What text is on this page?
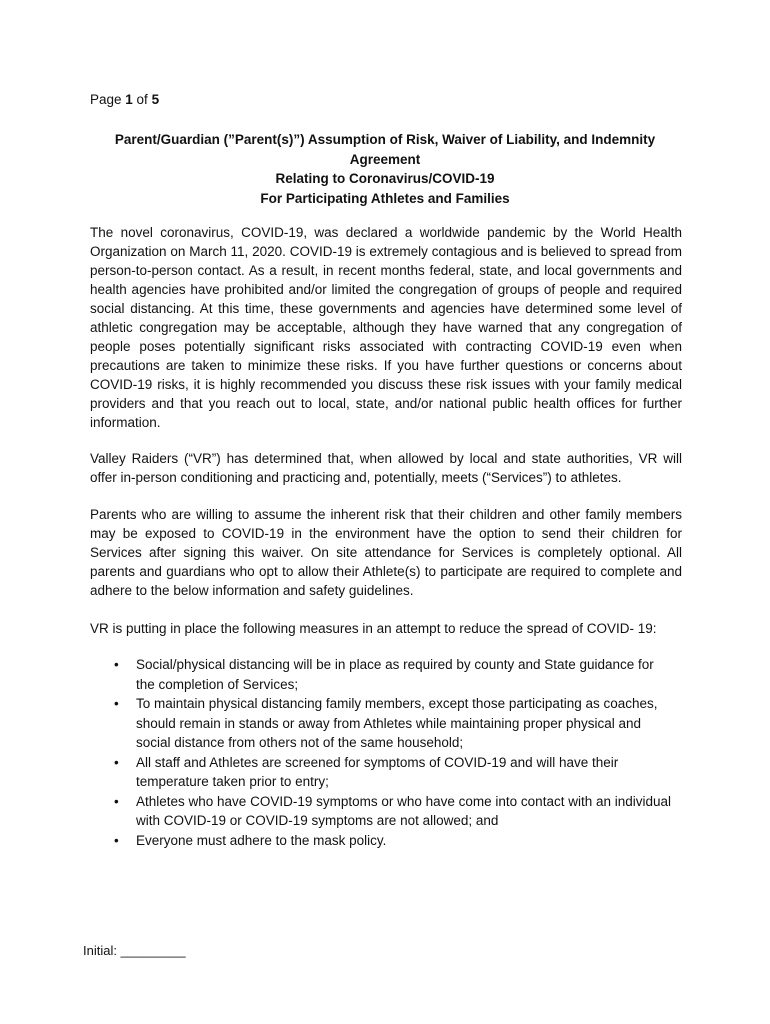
Page 1 of 5
Parent/Guardian (”Parent(s)”) Assumption of Risk, Waiver of Liability, and Indemnity
Agreement
Relating to Coronavirus/COVID-19
For Participating Athletes and Families
The novel coronavirus, COVID-19, was declared a worldwide pandemic by the World Health Organization on March 11, 2020. COVID-19 is extremely contagious and is believed to spread from person-to-person contact. As a result, in recent months federal, state, and local governments and health agencies have prohibited and/or limited the congregation of groups of people and required social distancing. At this time, these governments and agencies have determined some level of athletic congregation may be acceptable, although they have warned that any congregation of people poses potentially significant risks associated with contracting COVID-19 even when precautions are taken to minimize these risks. If you have further questions or concerns about COVID-19 risks, it is highly recommended you discuss these risk issues with your family medical providers and that you reach out to local, state, and/or national public health offices for further information.
Valley Raiders (“VR”) has determined that, when allowed by local and state authorities, VR will offer in-person conditioning and practicing and, potentially, meets (“Services”) to athletes.
Parents who are willing to assume the inherent risk that their children and other family members may be exposed to COVID-19 in the environment have the option to send their children for Services after signing this waiver. On site attendance for Services is completely optional. All parents and guardians who opt to allow their Athlete(s) to participate are required to complete and adhere to the below information and safety guidelines.
VR is putting in place the following measures in an attempt to reduce the spread of COVID- 19:
• Social/physical distancing will be in place as required by county and State guidance for the completion of Services;
• To maintain physical distancing family members, except those participating as coaches, should remain in stands or away from Athletes while maintaining proper physical and social distance from others not of the same household;
• All staff and Athletes are screened for symptoms of COVID-19 and will have their temperature taken prior to entry;
• Athletes who have COVID-19 symptoms or who have come into contact with an individual with COVID-19 or COVID-19 symptoms are not allowed; and
• Everyone must adhere to the mask policy.
Initial: _________
